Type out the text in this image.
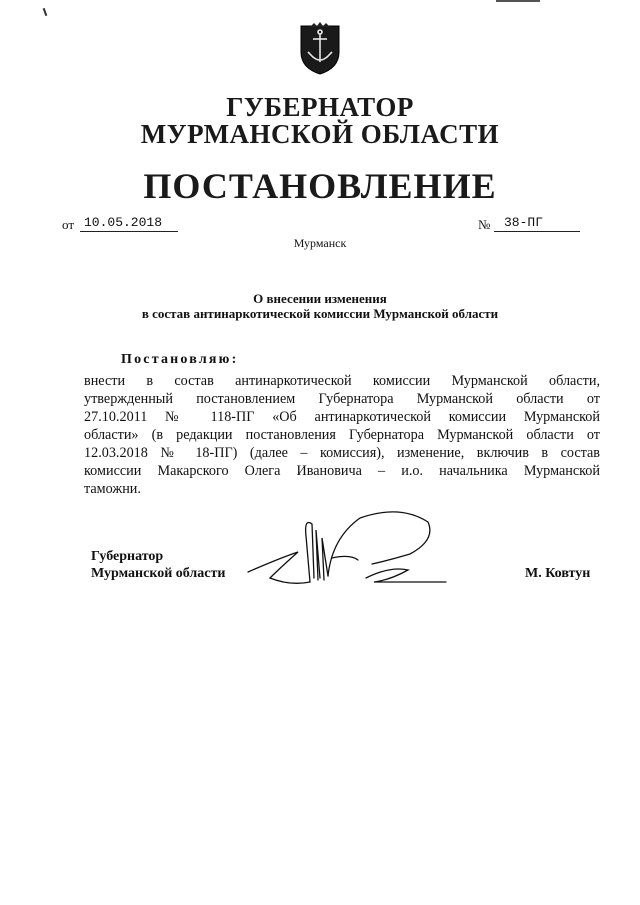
ГУБЕРНАТОР
МУРМАНСКОЙ ОБЛАСТИ
ПОСТАНОВЛЕНИЕ
от 10.05.2018	№ 38-ПГ
Мурманск
О внесении изменения
в состав антинаркотической комиссии Мурманской области
Постановляю:
внести в состав антинаркотической комиссии Мурманской области,
утвержденный постановлением Губернатора Мурманской области от
27.10.2011 № 118-ПГ «Об антинаркотической комиссии Мурманской
области» (в редакции постановления Губернатора Мурманской области от
12.03.2018 № 18-ПГ) (далее – комиссия), изменение, включив в состав
комиссии Макарского Олега Ивановича – и.о. начальника Мурманской
таможни.
Губернатор
Мурманской области	М. Ковтун
